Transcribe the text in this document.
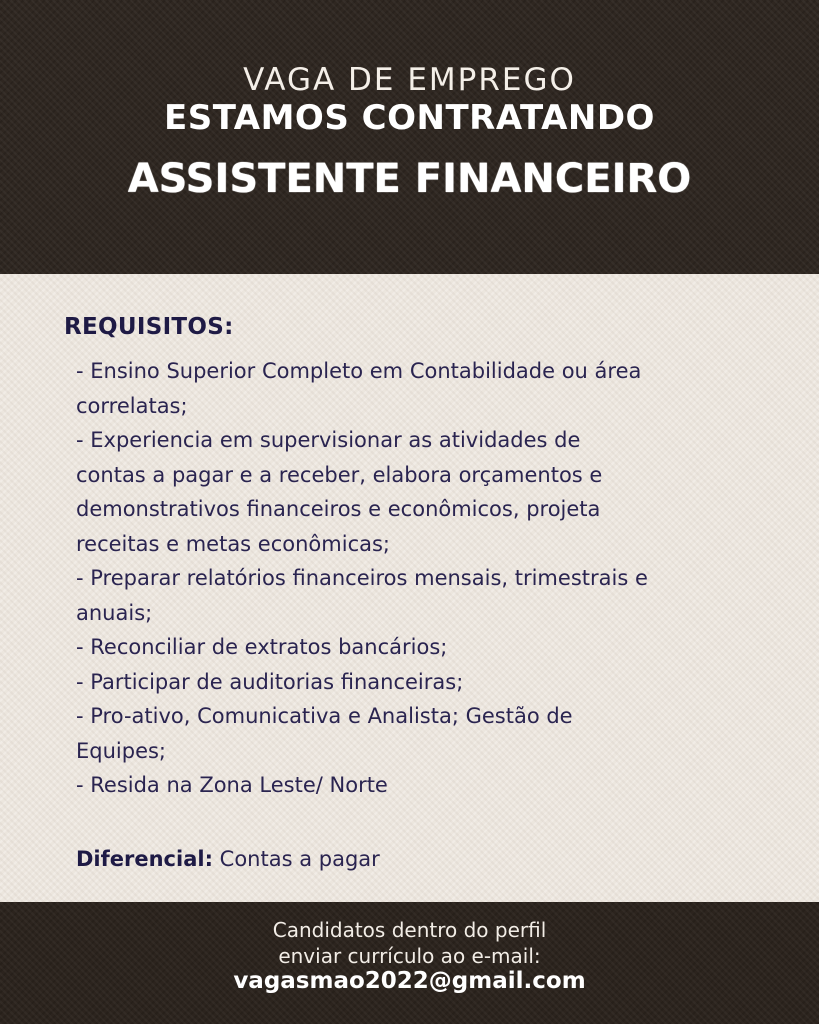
VAGA DE EMPREGO
ESTAMOS CONTRATANDO
ASSISTENTE FINANCEIRO
REQUISITOS:
- Ensino Superior Completo em Contabilidade ou área
correlatas;
- Experiencia em supervisionar as atividades de
contas a pagar e a receber, elabora orçamentos e
demonstrativos financeiros e econômicos, projeta
receitas e metas econômicas;
- Preparar relatórios financeiros mensais, trimestrais e
anuais;
- Reconciliar de extratos bancários;
- Participar de auditorias financeiras;
- Pro-ativo, Comunicativa e Analista; Gestão de
Equipes;
- Resida na Zona Leste/ Norte
Diferencial: Contas a pagar
Candidatos dentro do perfil
enviar currículo ao e-mail:
vagasmao2022@gmail.com
